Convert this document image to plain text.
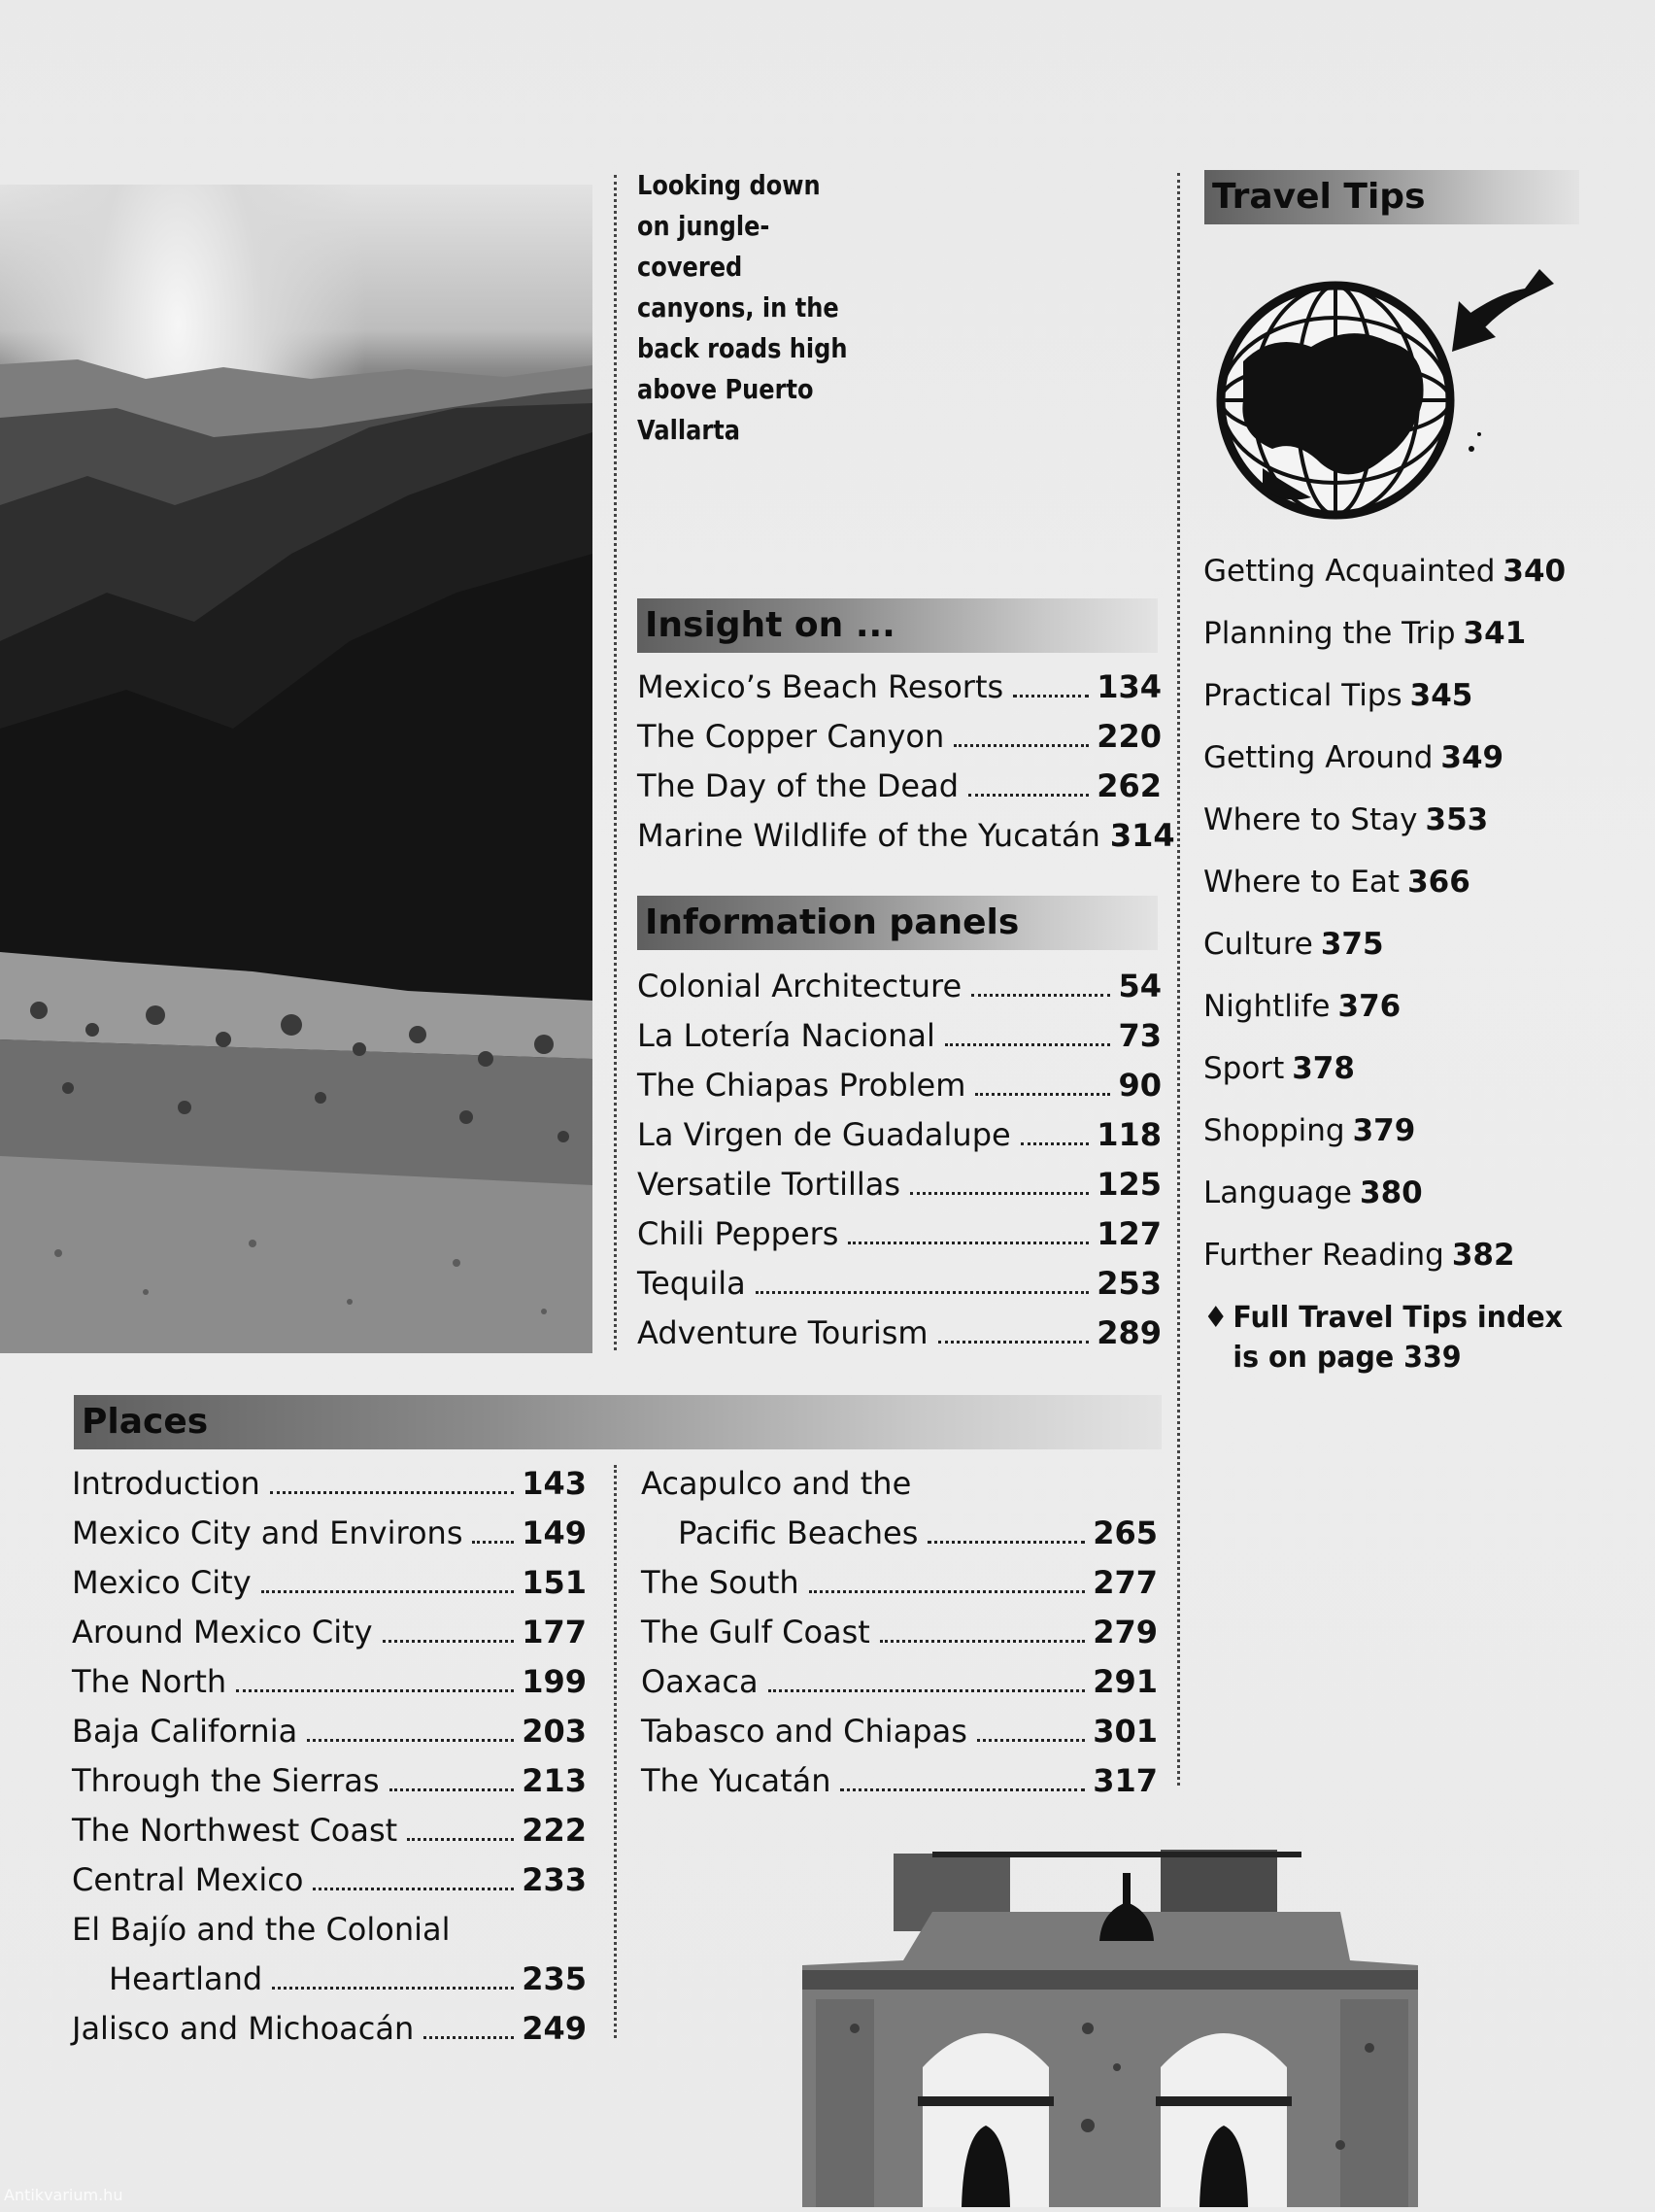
Looking down
on jungle-covered
canyons, in the
back roads high
above Puerto
Vallarta
Travel Tips
Getting Acquainted 340
Planning the Trip 341
Practical Tips 345
Getting Around 349
Where to Stay 353
Where to Eat 366
Culture 375
Nightlife 376
Sport 378
Shopping 379
Language 380
Further Reading 382
♦ Full Travel Tips index
is on page 339
Insight on ...
Mexico’s Beach Resorts	134
The Copper Canyon	220
The Day of the Dead	262
Marine Wildlife of the Yucatán 314
Information panels
Colonial Architecture	54
La Lotería Nacional	73
The Chiapas Problem	90
La Virgen de Guadalupe	118
Versatile Tortillas	125
Chili Peppers	127
Tequila	253
Adventure Tourism	289
Places
Introduction	143
Mexico City and Environs 149
Mexico City	151
Around Mexico City	177
The North	199
Baja California	203
Through the Sierras	213
The Northwest Coast	222
Central Mexico	233
El Bajío and the Colonial
Heartland	235
Jalisco and Michoacán	249
Acapulco and the
Pacific Beaches	265
The South	277
The Gulf Coast	279
Oaxaca	291
Tabasco and Chiapas	301
The Yucatán	317
Antikvarium.hu
